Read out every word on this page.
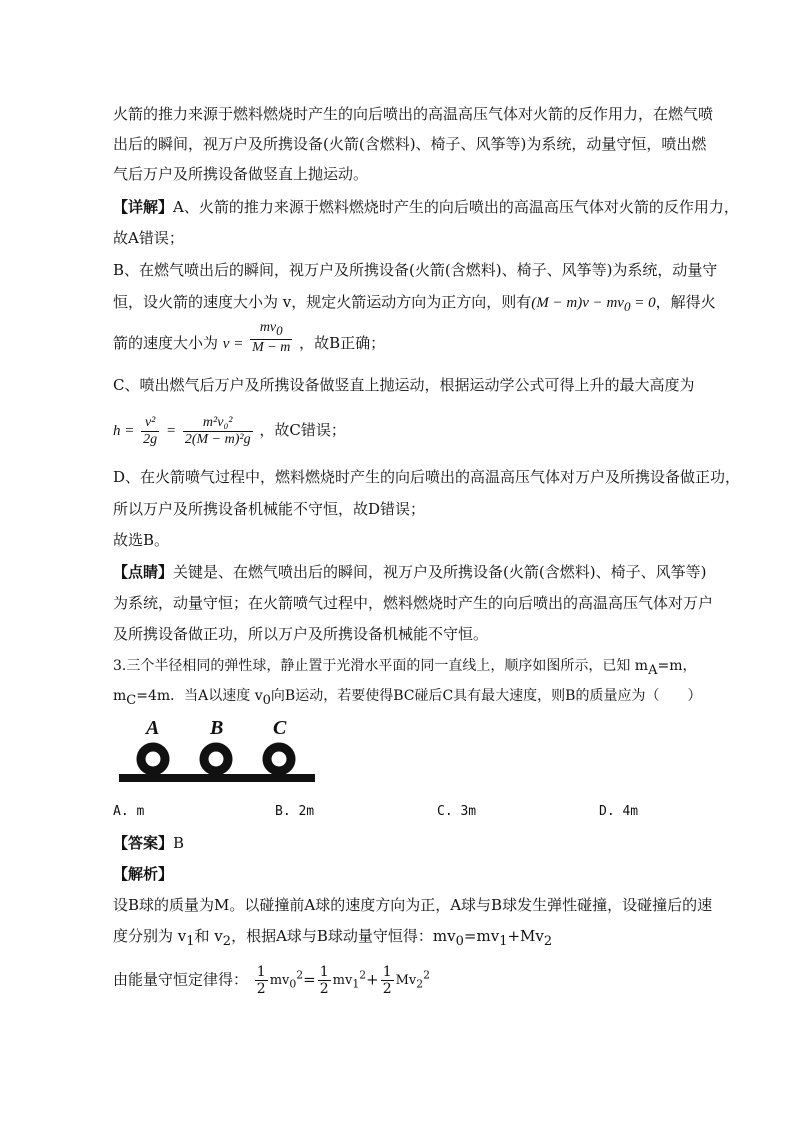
火箭的推力来源于燃料燃烧时产生的向后喷出的高温高压气体对火箭的反作用力，在燃气喷
出后的瞬间，视万户及所携设备(火箭(含燃料)、椅子、风筝等)为系统，动量守恒，喷出燃
气后万户及所携设备做竖直上抛运动。
【详解】A、火箭的推力来源于燃料燃烧时产生的向后喷出的高温高压气体对火箭的反作用力，
故A错误；
B、在燃气喷出后的瞬间，视万户及所携设备(火箭(含燃料)、椅子、风筝等)为系统，动量守
恒，设火箭的速度大小为 v，规定火箭运动方向为正方向，则有$(M - m)v - mv_0 = 0$，解得火
箭的速度大小为 $v = \frac{mv_0}{M - m}$ ，故B正确；
C、喷出燃气后万户及所携设备做竖直上抛运动，根据运动学公式可得上升的最大高度为
$h = \frac{\text{v²}}{2g} = \frac{\text{m²v₀²}}{\text{2(M − m)²g}}$ ，故C错误；
D、在火箭喷气过程中，燃料燃烧时产生的向后喷出的高温高压气体对万户及所携设备做正功，
所以万户及所携设备机械能不守恒，故D错误；
故选B。
【点睛】关键是、在燃气喷出后的瞬间，视万户及所携设备(火箭(含燃料)、椅子、风筝等)
为系统，动量守恒；在火箭喷气过程中，燃料燃烧时产生的向后喷出的高温高压气体对万户
及所携设备做正功，所以万户及所携设备机械能不守恒。
3.三个半径相同的弹性球，静止置于光滑水平面的同一直线上，顺序如图所示，已知 $m_A=m$，
$m_C=4m$．当A以速度 $v_0$向B运动，若要使得BC碰后C具有最大速度，则B的质量应为（　　）
A	B C
A. m	B. 2m	C. 3m	D. 4m
【答案】B
【解析】
设B球的质量为M。以碰撞前A球的速度方向为正，A球与B球发生弹性碰撞，设碰撞后的速
度分别为 $v_1$和 $v_2$，根据A球与B球动量守恒得：$mv_0=mv_1+Mv_2$
由能量守恒定律得： $\frac{1}{2} mv_0^2= \frac{1}{2} mv_1^2+ \frac{1}{2} Mv_2^2$
